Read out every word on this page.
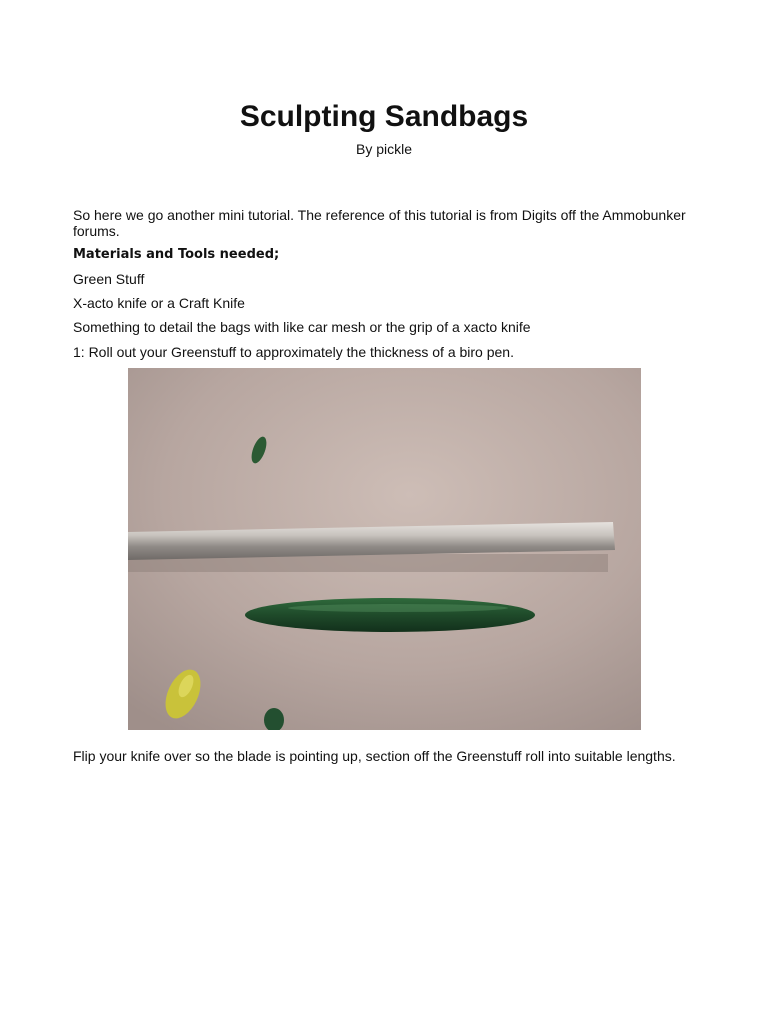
Sculpting Sandbags
By pickle
So here we go another mini tutorial. The reference of this tutorial is from Digits off the Ammobunker forums.
Materials and Tools needed;
Green Stuff
X-acto knife or a Craft Knife
Something to detail the bags with like car mesh or the grip of a xacto knife
1: Roll out your Greenstuff to approximately the thickness of a biro pen.
Flip your knife over so the blade is pointing up, section off the Greenstuff roll into suitable lengths.
